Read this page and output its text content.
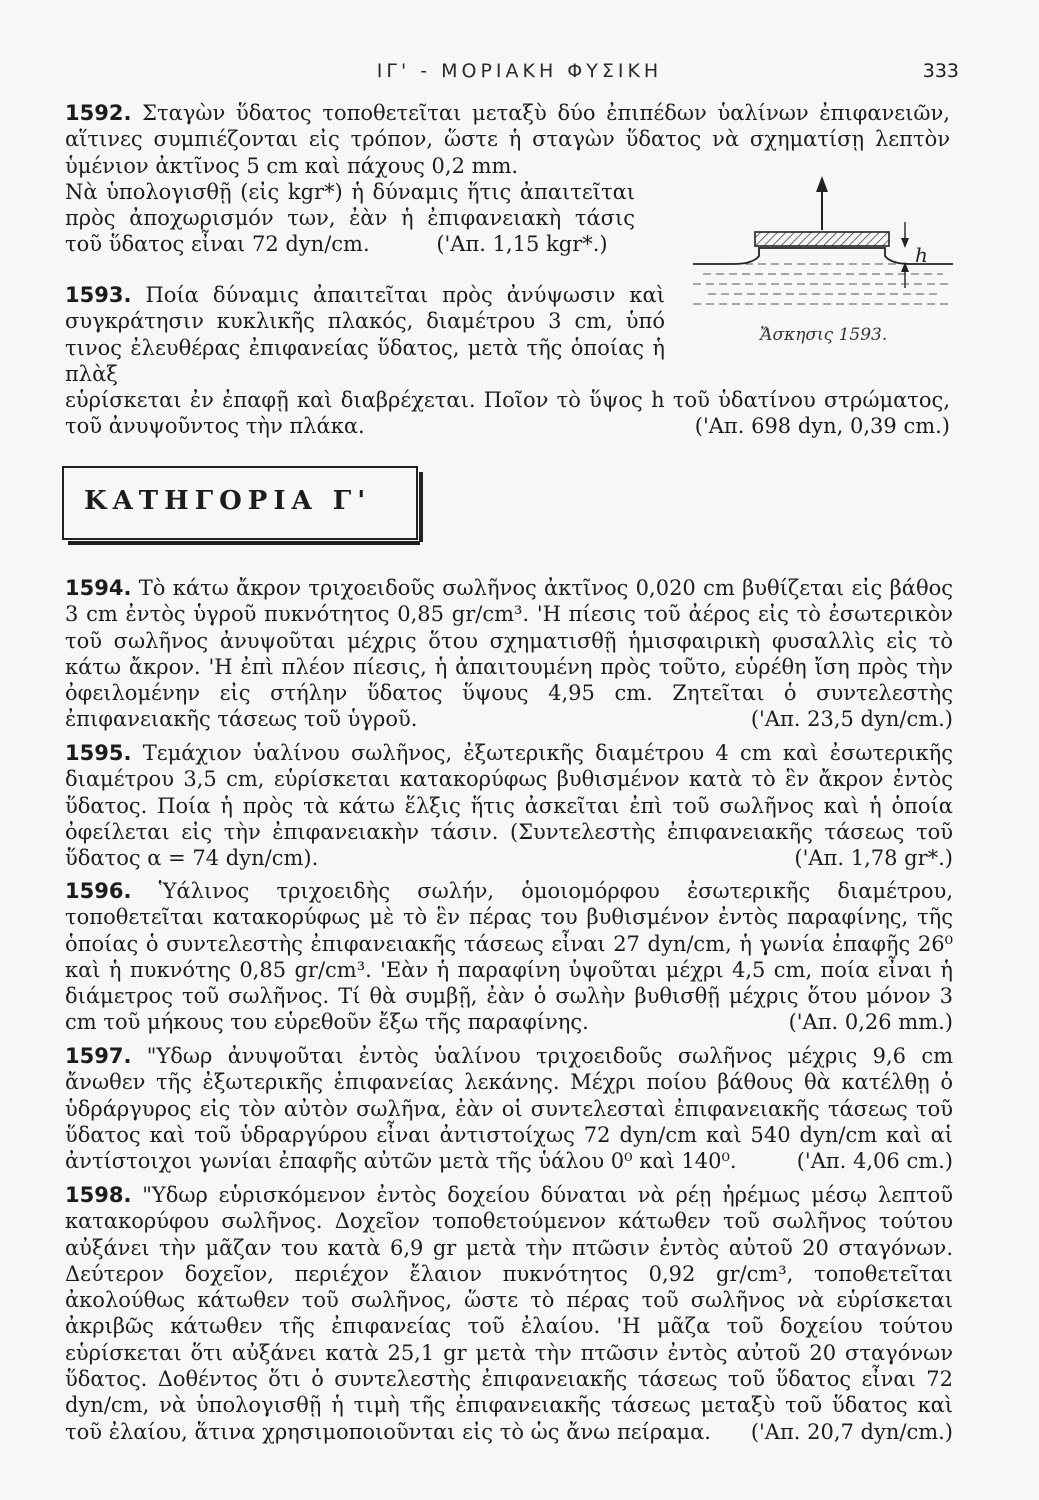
ΙΓ' - ΜΟΡΙΑΚΗ ΦΥΣΙΚΗ	333
1592. Σταγὼν ὕδατος τοποθετεῖται μεταξὺ δύο ἐπιπέδων ὑαλίνων ἐπιφανειῶν, αἵτινες συμπιέζονται εἰς τρόπον, ὥστε ἡ σταγὼν ὕδατος νὰ σχηματίσῃ λεπτὸν ὑμένιον ἀκτῖνος 5 cm καὶ πάχους 0,2 mm.
Νὰ ὑπολογισθῇ (εἰς kgr*) ἡ δύναμις ἥτις ἀπαιτεῖται πρὸς ἀποχωρισμόν των, ἐὰν ἡ ἐπιφανειακὴ τάσις τοῦ ὕδατος εἶναι 72 dyn/cm.	('Απ. 1,15 kgr*.)
1593. Ποία δύναμις ἀπαιτεῖται πρὸς ἀνύψωσιν καὶ συγκράτησιν κυκλικῆς πλακός, διαμέτρου 3 cm, ὑπό τινος ἐλευθέρας ἐπιφανείας ὕδατος, μετὰ τῆς ὁποίας ἡ πλὰξ
εὑρίσκεται ἐν ἐπαφῇ καὶ διαβρέχεται. Ποῖον τὸ ὕψος h τοῦ ὑδατίνου στρώματος, τοῦ ἀνυψοῦντος τὴν πλάκα.	('Απ. 698 dyn, 0,39 cm.)
h
Ἄσκησις 1593.
ΚΑΤΗΓΟΡΙΑ Γ'
1594. Τὸ κάτω ἄκρον τριχοειδοῦς σωλῆνος ἀκτῖνος 0,020 cm βυθίζεται εἰς βάθος 3 cm ἐντὸς ὑγροῦ πυκνότητος 0,85 gr/cm³. 'Η πίεσις τοῦ ἀέρος εἰς τὸ ἐσωτερικὸν τοῦ σωλῆνος ἀνυψοῦται μέχρις ὅτου σχηματισθῇ ἡμισφαιρικὴ φυσαλλὶς εἰς τὸ κάτω ἄκρον. 'Η ἐπὶ πλέον πίεσις, ἡ ἀπαιτουμένη πρὸς τοῦτο, εὑρέθη ἴση πρὸς τὴν ὀφειλομένην εἰς στήλην ὕδατος ὕψους 4,95 cm. Ζητεῖται ὁ συντελεστὴς ἐπιφανειακῆς τάσεως τοῦ ὑγροῦ.	('Απ. 23,5 dyn/cm.)
1595. Τεμάχιον ὑαλίνου σωλῆνος, ἐξωτερικῆς διαμέτρου 4 cm καὶ ἐσωτερικῆς διαμέτρου 3,5 cm, εὑρίσκεται κατακορύφως βυθισμένον κατὰ τὸ ἓν ἄκρον ἐντὸς ὕδατος. Ποία ἡ πρὸς τὰ κάτω ἕλξις ἥτις ἀσκεῖται ἐπὶ τοῦ σωλῆνος καὶ ἡ ὁποία ὀφείλεται εἰς τὴν ἐπιφανειακὴν τάσιν. (Συντελεστὴς ἐπιφανειακῆς τάσεως τοῦ ὕδατος α = 74 dyn/cm).	('Απ. 1,78 gr*.)
1596. Ὑάλινος τριχοειδὴς σωλήν, ὁμοιομόρφου ἐσωτερικῆς διαμέτρου, τοποθετεῖται κατακορύφως μὲ τὸ ἓν πέρας του βυθισμένον ἐντὸς παραφίνης, τῆς ὁποίας ὁ συντελεστὴς ἐπιφανειακῆς τάσεως εἶναι 27 dyn/cm, ἡ γωνία ἐπαφῆς 26⁰ καὶ ἡ πυκνότης 0,85 gr/cm³. 'Εὰν ἡ παραφίνη ὑψοῦται μέχρι 4,5 cm, ποία εἶναι ἡ διάμετρος τοῦ σωλῆνος. Τί θὰ συμβῇ, ἐὰν ὁ σωλὴν βυθισθῇ μέχρις ὅτου μόνον 3 cm τοῦ μήκους του εὑρεθοῦν ἔξω τῆς παραφίνης.	('Απ. 0,26 mm.)
1597. "Υδωρ ἀνυψοῦται ἐντὸς ὑαλίνου τριχοειδοῦς σωλῆνος μέχρις 9,6 cm ἄνωθεν τῆς ἐξωτερικῆς ἐπιφανείας λεκάνης. Μέχρι ποίου βάθους θὰ κατέλθῃ ὁ ὑδράργυρος εἰς τὸν αὐτὸν σωλῆνα, ἐὰν οἱ συντελεσταὶ ἐπιφανειακῆς τάσεως τοῦ ὕδατος καὶ τοῦ ὑδραργύρου εἶναι ἀντιστοίχως 72 dyn/cm καὶ 540 dyn/cm καὶ αἱ ἀντίστοιχοι γωνίαι ἐπαφῆς αὐτῶν μετὰ τῆς ὑάλου 0⁰ καὶ 140⁰.	('Απ. 4,06 cm.)
1598. "Υδωρ εὑρισκόμενον ἐντὸς δοχείου δύναται νὰ ρέῃ ἠρέμως μέσῳ λεπτοῦ κατακορύφου σωλῆνος. Δοχεῖον τοποθετούμενον κάτωθεν τοῦ σωλῆνος τούτου αὐξάνει τὴν μᾶζαν του κατὰ 6,9 gr μετὰ τὴν πτῶσιν ἐντὸς αὐτοῦ 20 σταγόνων. Δεύτερον δοχεῖον, περιέχον ἔλαιον πυκνότητος 0,92 gr/cm³, τοποθετεῖται ἀκολούθως κάτωθεν τοῦ σωλῆνος, ὥστε τὸ πέρας τοῦ σωλῆνος νὰ εὑρίσκεται ἀκριβῶς κάτωθεν τῆς ἐπιφανείας τοῦ ἐλαίου. 'Η μᾶζα τοῦ δοχείου τούτου εὑρίσκεται ὅτι αὐξάνει κατὰ 25,1 gr μετὰ τὴν πτῶσιν ἐντὸς αὐτοῦ 20 σταγόνων ὕδατος. Δοθέντος ὅτι ὁ συντελεστὴς ἐπιφανειακῆς τάσεως τοῦ ὕδατος εἶναι 72 dyn/cm, νὰ ὑπολογισθῇ ἡ τιμὴ τῆς ἐπιφανειακῆς τάσεως μεταξὺ τοῦ ὕδατος καὶ τοῦ ἐλαίου, ἅτινα χρησιμοποιοῦνται εἰς τὸ ὡς ἄνω πείραμα. ('Απ. 20,7 dyn/cm.)
